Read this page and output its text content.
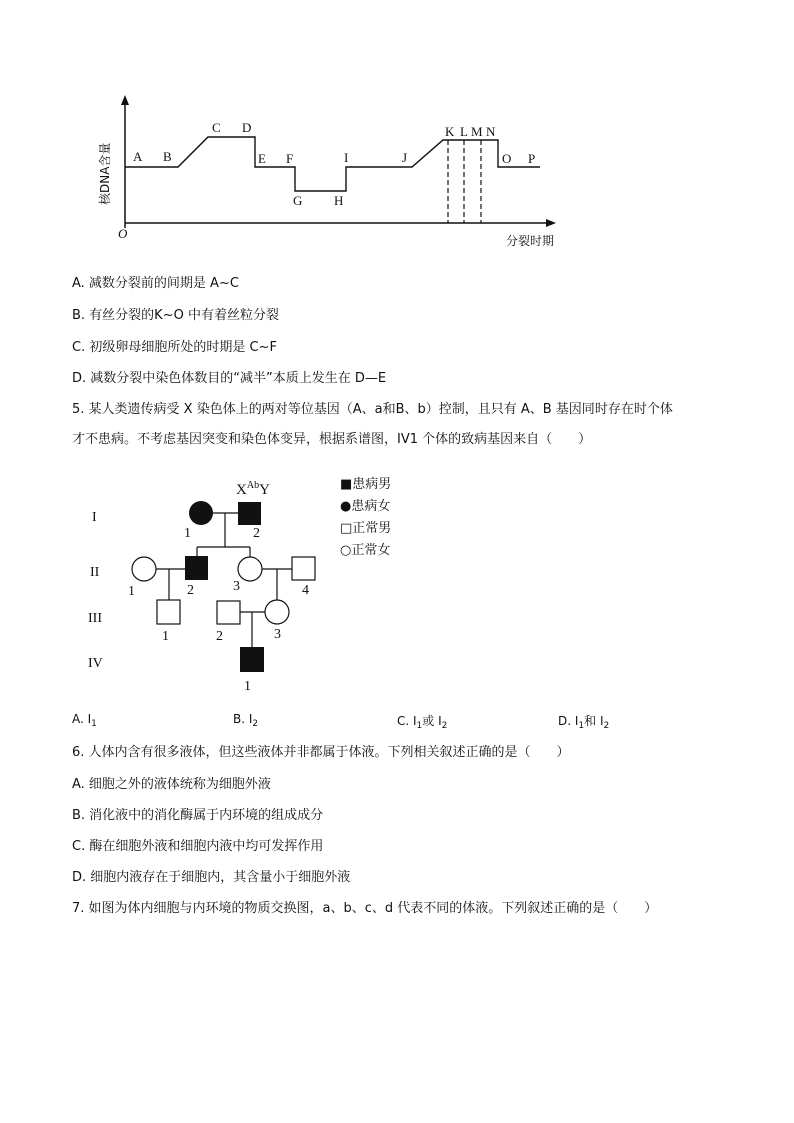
核DNA含量
O	分裂时期
A B
C D
E F
G H
I	J
K L M N
O P
A. 减数分裂前的间期是 A~C
B. 有丝分裂的K~O 中有着丝粒分裂
C. 初级卵母细胞所处的时期是 C~F
D. 减数分裂中染色体数目的“减半”本质上发生在 D—E
5. 某人类遗传病受 X 染色体上的两对等位基因（A、a和B、b）控制，且只有 A、B 基因同时存在时个体
才不患病。不考虑基因突变和染色体变异，根据系谱图，IV1 个体的致病基因来自（　　）
I
II
III
IV
$X^{Ab}Y$
1	2
1	2	3	4
1	2	3
1
■患病男
●患病女
□正常男
○正常女
A. $I_1$	B. $I_2$	C. $I_1$或 $I_2$	D. $I_1$和 $I_2$
6. 人体内含有很多液体，但这些液体并非都属于体液。下列相关叙述正确的是（　　）
A. 细胞之外的液体统称为细胞外液
B. 消化液中的消化酶属于内环境的组成成分
C. 酶在细胞外液和细胞内液中均可发挥作用
D. 细胞内液存在于细胞内，其含量小于细胞外液
7. 如图为体内细胞与内环境的物质交换图，a、b、c、d 代表不同的体液。下列叙述正确的是（　　）
